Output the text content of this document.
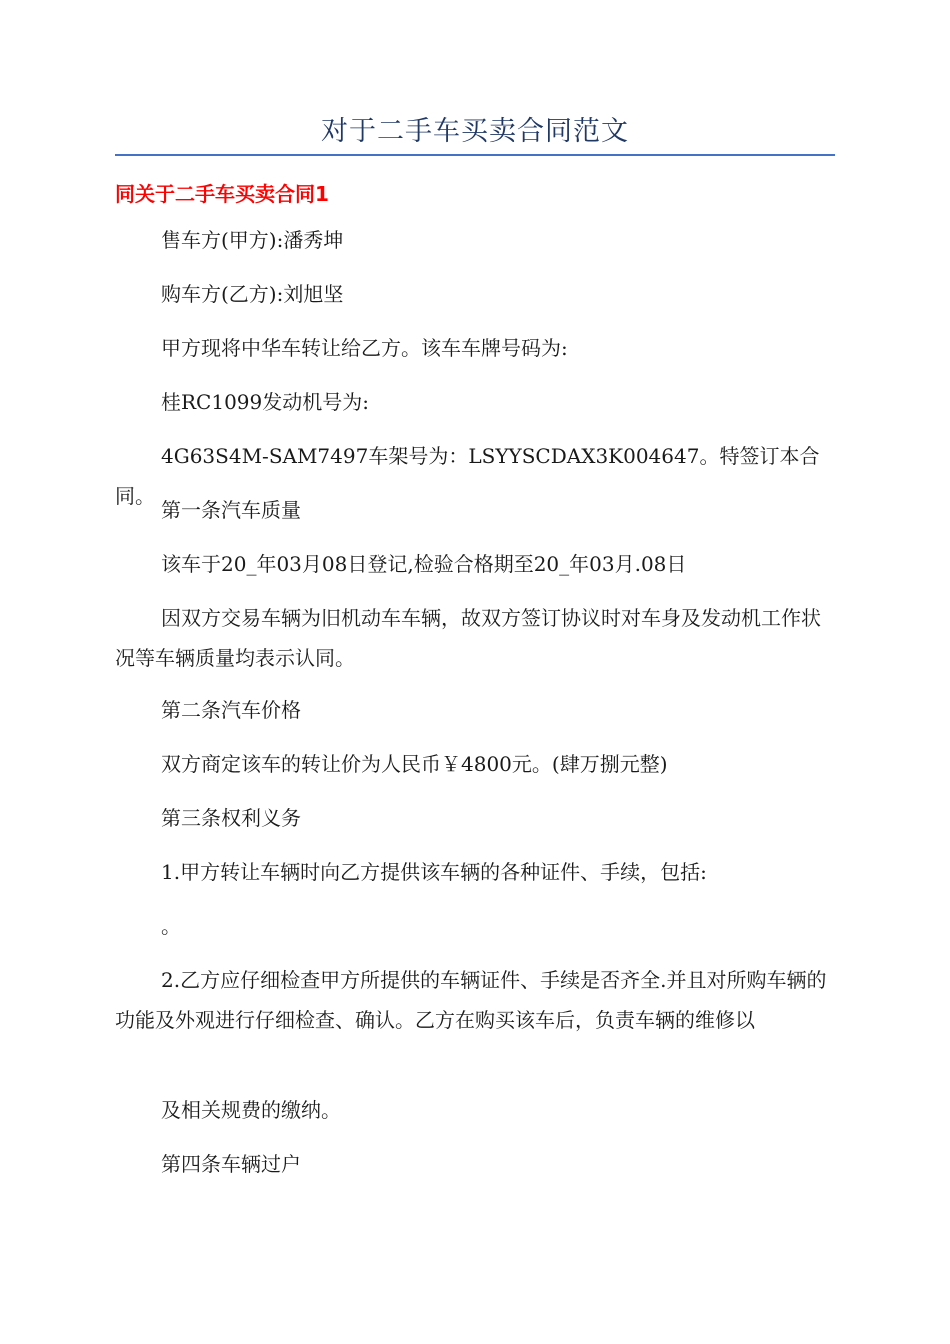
对于二手车买卖合同范文
同关于二手车买卖合同1

售车方(甲方):潘秀坤

购车方(乙方):刘旭坚

甲方现将中华车转让给乙方。该车车牌号码为:

桂RC1099发动机号为:

4G63S4M-SAM7497车架号为：LSYYSCDAX3K004647。特签订本合同。

第一条汽车质量

该车于20_年03月08日登记,检验合格期至20_年03月.08日

因双方交易车辆为旧机动车车辆，故双方签订协议时对车身及发动机工作状况等车辆质量均表示认同。

第二条汽车价格

双方商定该车的转让价为人民币￥4800元。(肆万捌元整)

第三条权利义务

1.甲方转让车辆时向乙方提供该车辆的各种证件、手续，包括:

。

2.乙方应仔细检查甲方所提供的车辆证件、手续是否齐全.并且对所购车辆的功能及外观进行仔细检查、确认。乙方在购买该车后，负责车辆的维修以

及相关规费的缴纳。

第四条车辆过户
